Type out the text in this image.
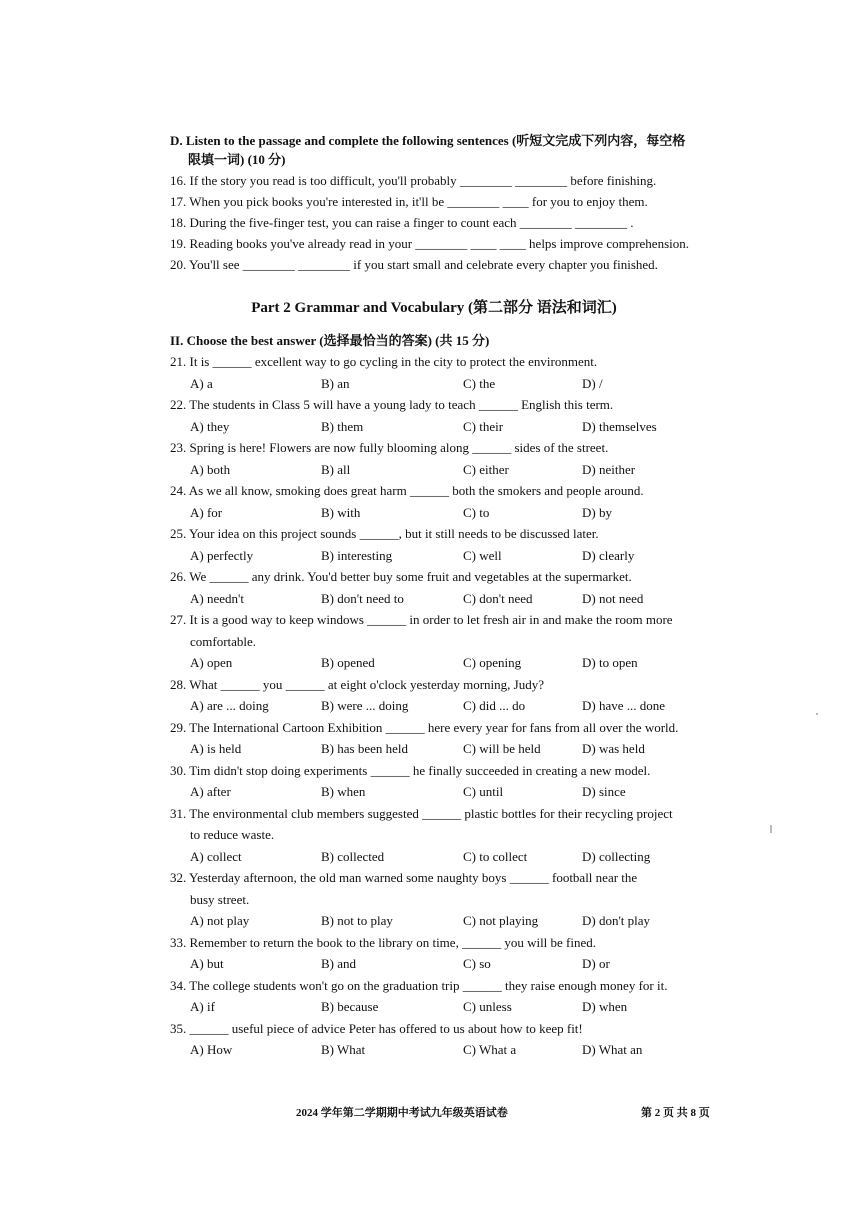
D. Listen to the passage and complete the following sentences (听短文完成下列内容，每空格
限填一词) (10 分)
16. If the story you read is too difficult, you'll probably ________ ________ before finishing.
17. When you pick books you're interested in, it'll be ________ ____ for you to enjoy them.
18. During the five-finger test, you can raise a finger to count each ________ ________ .
19. Reading books you've already read in your ________ ____ ____ helps improve comprehension.
20. You'll see ________ ________ if you start small and celebrate every chapter you finished.
Part 2 Grammar and Vocabulary (第二部分 语法和词汇)
II. Choose the best answer (选择最恰当的答案) (共 15 分)
21. It is ______ excellent way to go cycling in the city to protect the environment.
A) a	B) an	C) the	D) /
22. The students in Class 5 will have a young lady to teach ______ English this term.
A) they	B) them	C) their	D) themselves
23. Spring is here! Flowers are now fully blooming along ______ sides of the street.
A) both	B) all	C) either	D) neither
24. As we all know, smoking does great harm ______ both the smokers and people around.
A) for	B) with	C) to	D) by
25. Your idea on this project sounds ______, but it still needs to be discussed later.
A) perfectly	B) interesting	C) well	D) clearly
26. We ______ any drink. You'd better buy some fruit and vegetables at the supermarket.
A) needn't	B) don't need to	C) don't need	D) not need
27. It is a good way to keep windows ______ in order to let fresh air in and make the room more
comfortable.
A) open	B) opened	C) opening	D) to open
28. What ______ you ______ at eight o'clock yesterday morning, Judy?
A) are ... doing	B) were ... doing	C) did ... do	D) have ... done
29. The International Cartoon Exhibition ______ here every year for fans from all over the world.
A) is held	B) has been held	C) will be held	D) was held
30. Tim didn't stop doing experiments ______ he finally succeeded in creating a new model.
A) after	B) when	C) until	D) since
31. The environmental club members suggested ______ plastic bottles for their recycling project
to reduce waste.
A) collect	B) collected	C) to collect	D) collecting
32. Yesterday afternoon, the old man warned some naughty boys ______ football near the
busy street.
A) not play	B) not to play	C) not playing	D) don't play
33. Remember to return the book to the library on time, ______ you will be fined.
A) but	B) and	C) so	D) or
34. The college students won't go on the graduation trip ______ they raise enough money for it.
A) if	B) because	C) unless	D) when
35. ______ useful piece of advice Peter has offered to us about how to keep fit!
A) How	B) What	C) What a	D) What an
2024 学年第二学期期中考试九年级英语试卷	第 2 页 共 8 页
